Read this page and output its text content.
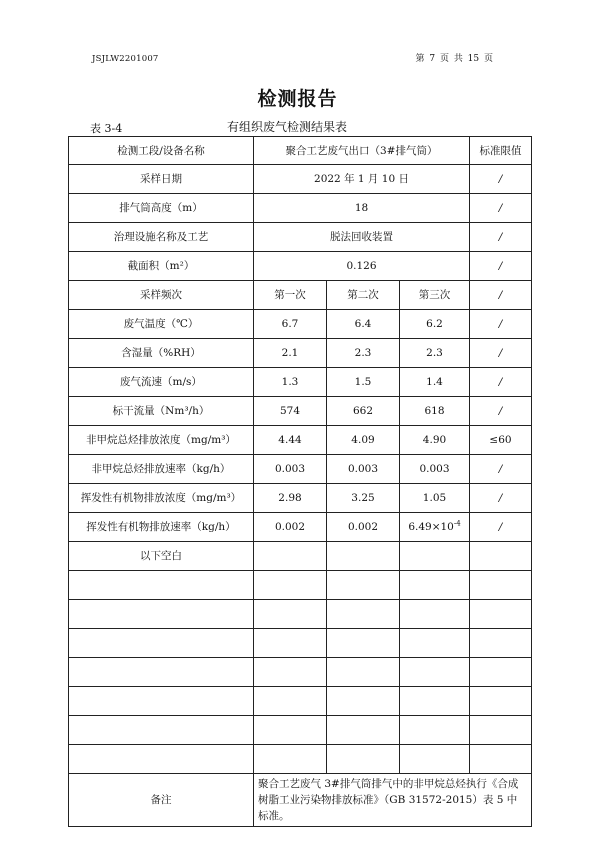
JSJLW2201007	第 7 页 共 15 页
检测报告
表 3-4	有组织废气检测结果表
检测工段/设备名称	聚合工艺废气出口（3#排气筒）			标准限值
采样日期	2022 年 1 月 10 日			/
排气筒高度（m）	18			/
治理设施名称及工艺	脱法回收装置			/
截面积（m²）	0.126			/
采样频次	第一次	第二次	第三次	/
废气温度（℃）	6.7	6.4	6.2	/
含湿量（%RH）	2.1	2.3	2.3	/
废气流速（m/s）	1.3	1.5	1.4	/
标干流量（Nm³/h）	574	662	618	/
非甲烷总烃排放浓度（mg/m³）	4.44	4.09	4.90	≤60
非甲烷总烃排放速率（kg/h）	0.003	0.003	0.003	/
挥发性有机物排放浓度（mg/m³）	2.98	3.25	1.05	/
挥发性有机物排放速率（kg/h）	0.002	0.002	$6.49\times 10^{-4}$	/
以下空白				

备注	聚合工艺废气 3#排气筒排气中的非甲烷总烃执行《合成树脂工业污染物排放标准》（GB 31572-2015）表 5 中标准。			
